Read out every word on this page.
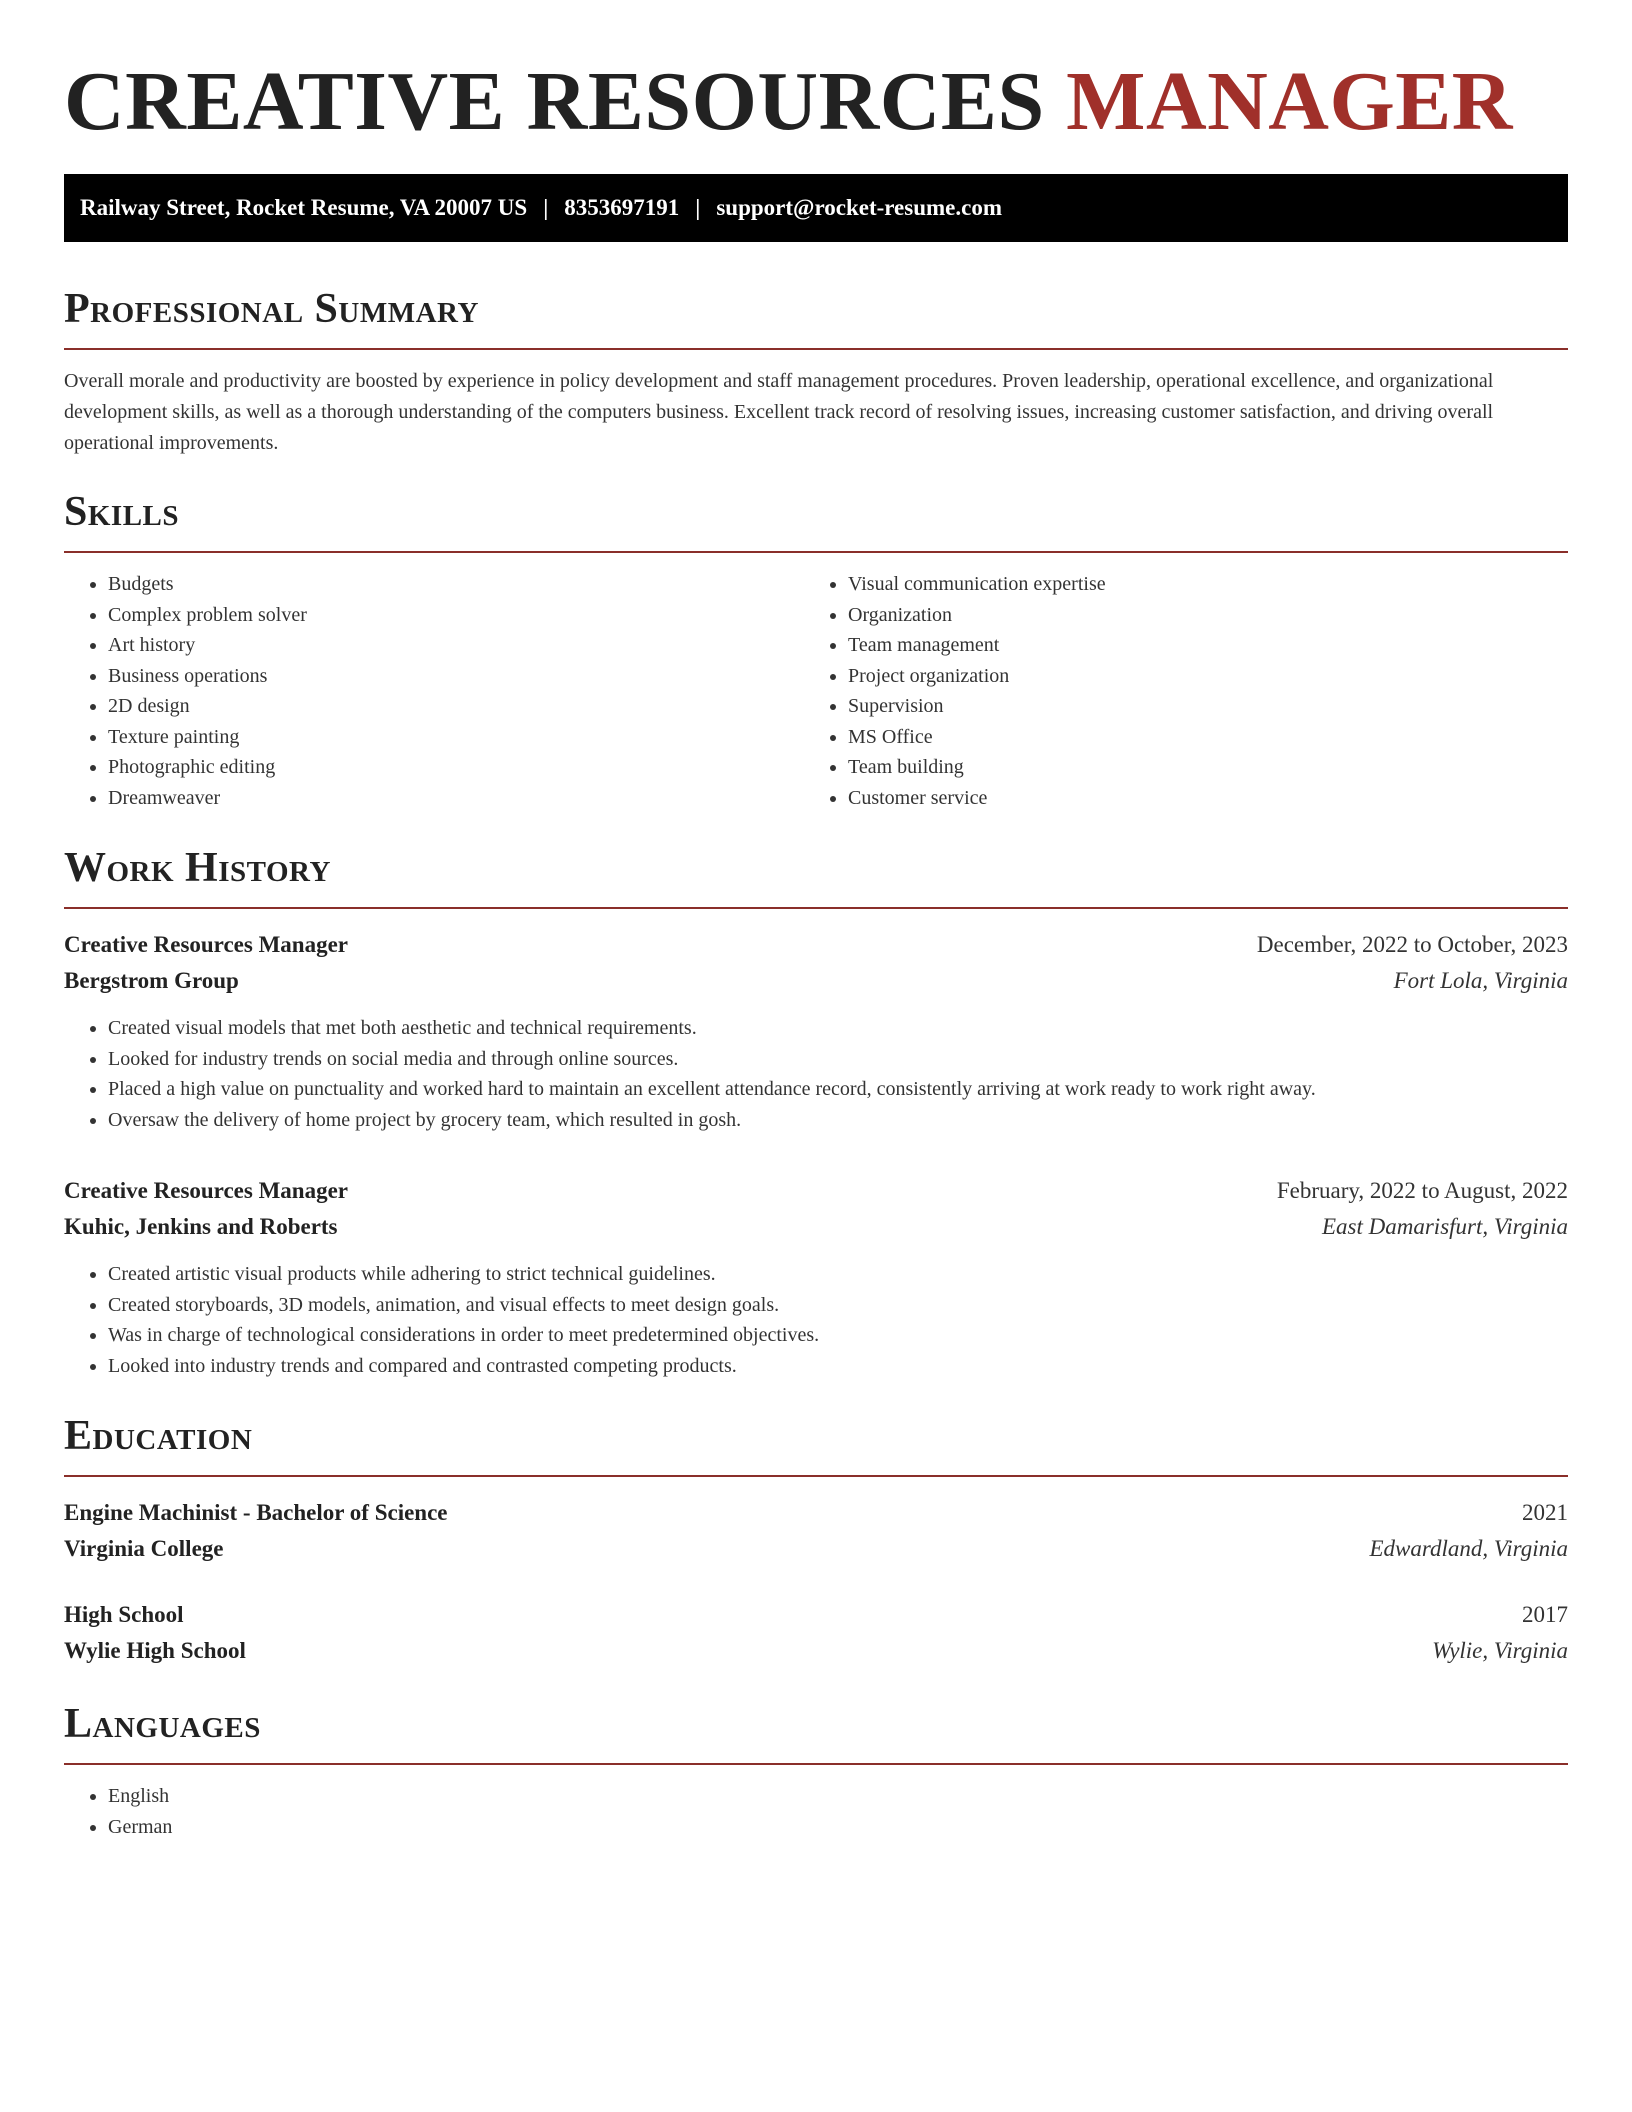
CREATIVE RESOURCES MANAGER
Railway Street, Rocket Resume, VA 20007 US | 8353697191 | support@rocket-resume.com
Professional Summary

Overall morale and productivity are boosted by experience in policy development and staff management procedures. Proven leadership, operational excellence, and organizational development skills, as well as a thorough understanding of the computers business. Excellent track record of resolving issues, increasing customer satisfaction, and driving overall operational improvements.

Skills
• Budgets
• Complex problem solver
• Art history
• Business operations
• 2D design
• Texture painting
• Photographic editing
• Dreamweaver
• Visual communication expertise
• Organization
• Team management
• Project organization
• Supervision
• MS Office
• Team building
• Customer service
Work History
Creative Resources Manager	December, 2022 to October, 2023
Bergstrom Group	Fort Lola, Virginia
• Created visual models that met both aesthetic and technical requirements.
• Looked for industry trends on social media and through online sources.
• Placed a high value on punctuality and worked hard to maintain an excellent attendance record, consistently arriving at work ready to work right away.
• Oversaw the delivery of home project by grocery team, which resulted in gosh.
Creative Resources Manager	February, 2022 to August, 2022
Kuhic, Jenkins and Roberts	East Damarisfurt, Virginia
• Created artistic visual products while adhering to strict technical guidelines.
• Created storyboards, 3D models, animation, and visual effects to meet design goals.
• Was in charge of technological considerations in order to meet predetermined objectives.
• Looked into industry trends and compared and contrasted competing products.
Education
Engine Machinist - Bachelor of Science	2021
Virginia College	Edwardland, Virginia
High School	2017
Wylie High School	Wylie, Virginia
Languages
• English
• German
